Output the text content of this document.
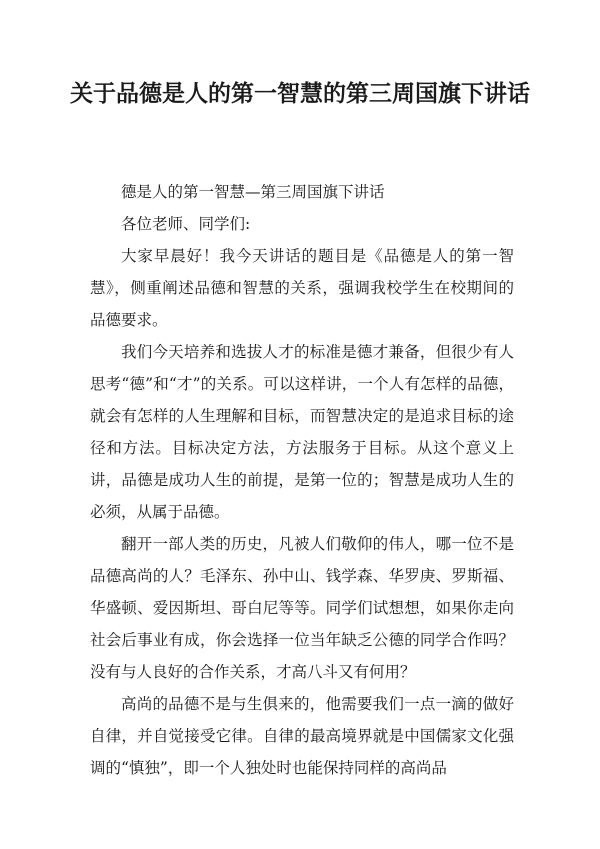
关于品德是人的第一智慧的第三周国旗下讲话

德是人的第一智慧—第三周国旗下讲话

各位老师、同学们:

大家早晨好！我今天讲话的题目是《品德是人的第一智慧》，侧重阐述品德和智慧的关系，强调我校学生在校期间的品德要求。

我们今天培养和选拔人才的标准是德才兼备，但很少有人思考“德”和“才”的关系。可以这样讲，一个人有怎样的品德，就会有怎样的人生理解和目标，而智慧决定的是追求目标的途径和方法。目标决定方法，方法服务于目标。从这个意义上讲，品德是成功人生的前提，是第一位的；智慧是成功人生的必须，从属于品德。

翻开一部人类的历史，凡被人们敬仰的伟人，哪一位不是品德高尚的人？毛泽东、孙中山、钱学森、华罗庚、罗斯福、华盛顿、爱因斯坦、哥白尼等等。同学们试想想，如果你走向社会后事业有成，你会选择一位当年缺乏公德的同学合作吗？没有与人良好的合作关系，才高八斗又有何用？

高尚的品德不是与生俱来的，他需要我们一点一滴的做好自律，并自觉接受它律。自律的最高境界就是中国儒家文化强调的“慎独”，即一个人独处时也能保持同样的高尚品
